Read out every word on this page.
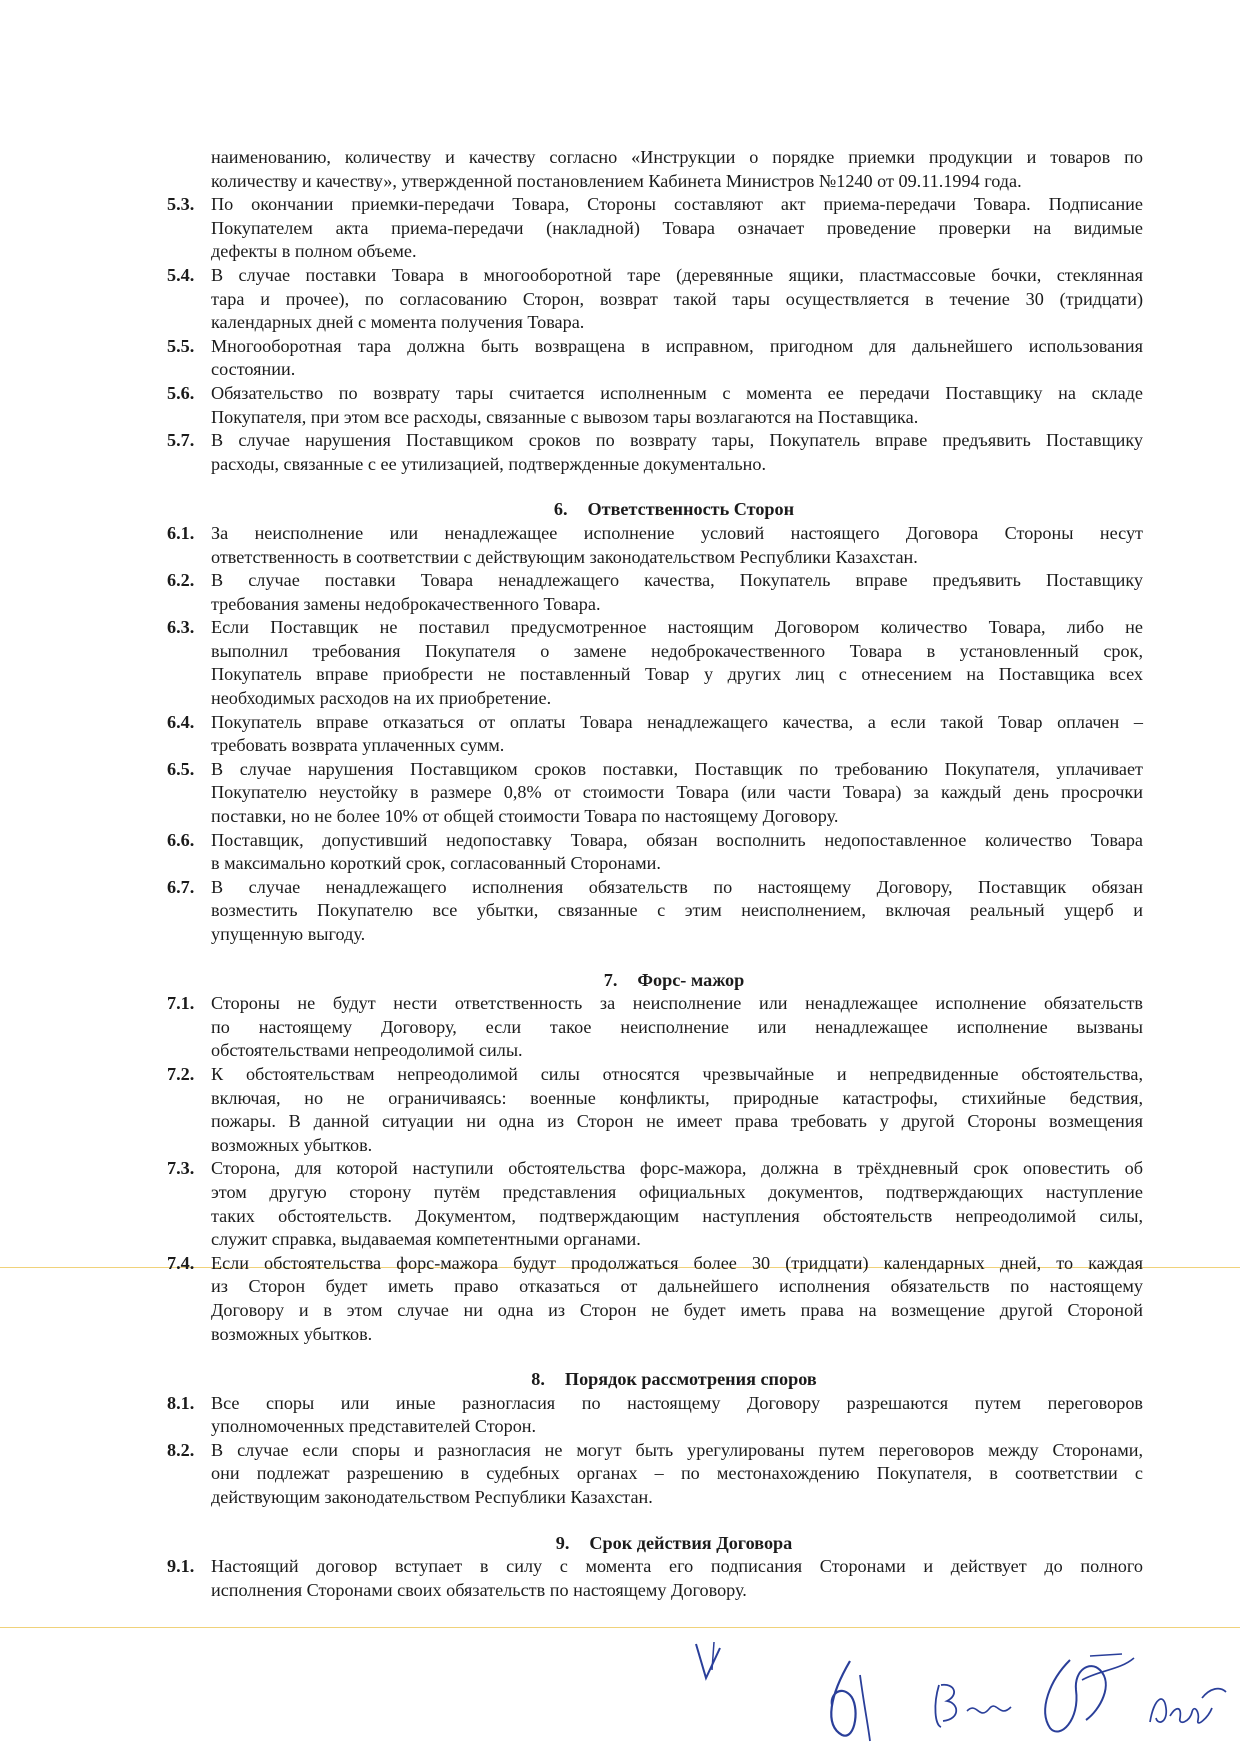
наименованию, количеству и качеству согласно «Инструкции о порядке приемки продукции и товаров по
количеству и качеству», утвержденной постановлением Кабинета Министров №1240 от 09.11.1994 года.
5.3. По окончании приемки-передачи Товара, Стороны составляют акт приема-передачи Товара. Подписание
Покупателем акта приема-передачи (накладной) Товара означает проведение проверки на видимые
дефекты в полном объеме.
5.4. В случае поставки Товара в многооборотной таре (деревянные ящики, пластмассовые бочки, стеклянная
тара и прочее), по согласованию Сторон, возврат такой тары осуществляется в течение 30 (тридцати)
календарных дней с момента получения Товара.
5.5. Многооборотная тара должна быть возвращена в исправном, пригодном для дальнейшего использования
состоянии.
5.6. Обязательство по возврату тары считается исполненным с момента ее передачи Поставщику на складе
Покупателя, при этом все расходы, связанные с вывозом тары возлагаются на Поставщика.
5.7. В случае нарушения Поставщиком сроков по возврату тары, Покупатель вправе предъявить Поставщику
расходы, связанные с ее утилизацией, подтвержденные документально.
6. Ответственность Сторон
6.1. За неисполнение или ненадлежащее исполнение условий настоящего Договора Стороны несут
ответственность в соответствии с действующим законодательством Республики Казахстан.
6.2. В случае поставки Товара ненадлежащего качества, Покупатель вправе предъявить Поставщику
требования замены недоброкачественного Товара.
6.3. Если Поставщик не поставил предусмотренное настоящим Договором количество Товара, либо не
выполнил требования Покупателя о замене недоброкачественного Товара в установленный срок,
Покупатель вправе приобрести не поставленный Товар у других лиц с отнесением на Поставщика всех
необходимых расходов на их приобретение.
6.4. Покупатель вправе отказаться от оплаты Товара ненадлежащего качества, а если такой Товар оплачен –
требовать возврата уплаченных сумм.
6.5. В случае нарушения Поставщиком сроков поставки, Поставщик по требованию Покупателя, уплачивает
Покупателю неустойку в размере 0,8% от стоимости Товара (или части Товара) за каждый день просрочки
поставки, но не более 10% от общей стоимости Товара по настоящему Договору.
6.6. Поставщик, допустивший недопоставку Товара, обязан восполнить недопоставленное количество Товара
в максимально короткий срок, согласованный Сторонами.
6.7. В случае ненадлежащего исполнения обязательств по настоящему Договору, Поставщик обязан
возместить Покупателю все убытки, связанные с этим неисполнением, включая реальный ущерб и
упущенную выгоду.
7. Форс- мажор
7.1. Стороны не будут нести ответственность за неисполнение или ненадлежащее исполнение обязательств
по настоящему Договору, если такое неисполнение или ненадлежащее исполнение вызваны
обстоятельствами непреодолимой силы.
7.2. К обстоятельствам непреодолимой силы относятся чрезвычайные и непредвиденные обстоятельства,
включая, но не ограничиваясь: военные конфликты, природные катастрофы, стихийные бедствия,
пожары. В данной ситуации ни одна из Сторон не имеет права требовать у другой Стороны возмещения
возможных убытков.
7.3. Сторона, для которой наступили обстоятельства форс-мажора, должна в трёхдневный срок оповестить об
этом другую сторону путём представления официальных документов, подтверждающих наступление
таких обстоятельств. Документом, подтверждающим наступления обстоятельств непреодолимой силы,
служит справка, выдаваемая компетентными органами.
7.4. Если обстоятельства форс-мажора будут продолжаться более 30 (тридцати) календарных дней, то каждая
из Сторон будет иметь право отказаться от дальнейшего исполнения обязательств по настоящему
Договору и в этом случае ни одна из Сторон не будет иметь права на возмещение другой Стороной
возможных убытков.
8. Порядок рассмотрения споров
8.1. Все споры или иные разногласия по настоящему Договору разрешаются путем переговоров
уполномоченных представителей Сторон.
8.2. В случае если споры и разногласия не могут быть урегулированы путем переговоров между Сторонами,
они подлежат разрешению в судебных органах – по местонахождению Покупателя, в соответствии с
действующим законодательством Республики Казахстан.
9. Срок действия Договора
9.1. Настоящий договор вступает в силу с момента его подписания Сторонами и действует до полного
исполнения Сторонами своих обязательств по настоящему Договору.
